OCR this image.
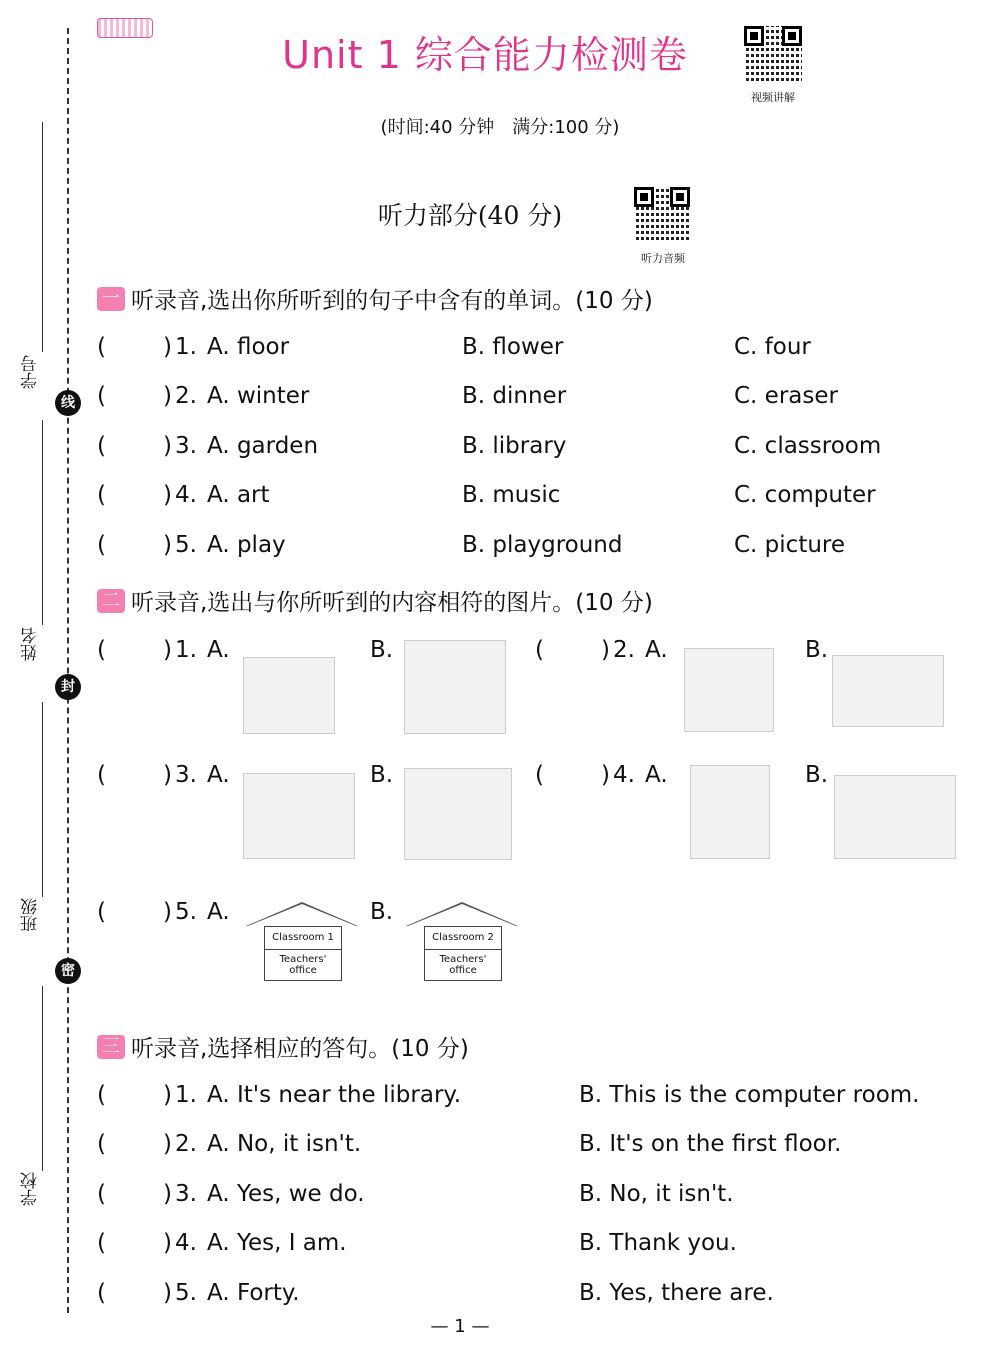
学号
线
姓名
封
班级
密
学校
Unit 1 综合能力检测卷
视频讲解
(时间:40 分钟　满分:100 分)
听力部分(40 分)
听力音频
一 听录音,选出你所听到的句子中含有的单词。(10 分)
( ) 1. A. floor	B. flower	C. four
( ) 2. A. winter	B. dinner	C. eraser
( ) 3. A. garden	B. library	C. classroom
( ) 4. A. art	B. music	C. computer
( ) 5. A. play	B. playground	C. picture
二 听录音,选出与你所听到的内容相符的图片。(10 分)
( ) 1. A.	B.	( ) 2. A.	B.
( ) 3. A.	B.	( ) 4. A.	B.
( ) 5. A.	B.
Classroom 1
Teachers' office
Classroom 2
Teachers' office
三 听录音,选择相应的答句。(10 分)
( ) 1. A. It's near the library.	B. This is the computer room.
( ) 2. A. No, it isn't.	B. It's on the first floor.
( ) 3. A. Yes, we do.	B. No, it isn't.
( ) 4. A. Yes, I am.	B. Thank you.
( ) 5. A. Forty.	B. Yes, there are.
— 1 —
